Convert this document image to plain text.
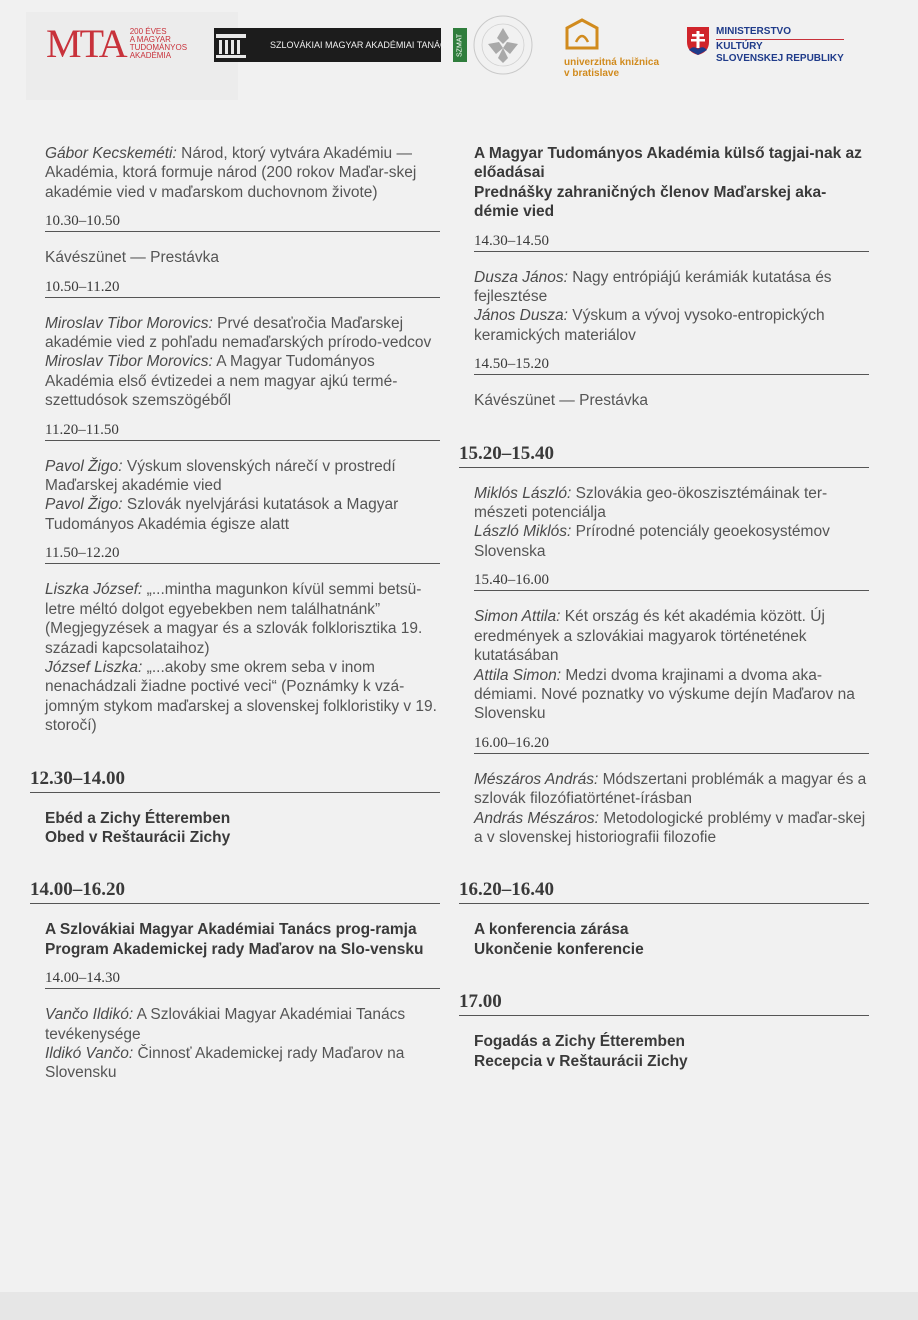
MTA 200 ÉVES
A MAGYAR
TUDOMÁNYOS
AKADÉMIA
SZLOVÁKIAI MAGYAR AKADÉMIAI TANÁCS SZMAT
univerzitná knižnica
v bratislave
MINISTERSTVO
KULTÚRY
SLOVENSKEJ REPUBLIKY

Gábor Kecskeméti: Národ, ktorý vytvára Akadémiu — Akadémia, ktorá formuje národ (200 rokov Maďar-skej akadémie vied v maďarskom duchovnom živote)

10.30–10.50

Kávészünet — Prestávka

10.50–11.20

Miroslav Tibor Morovics: Prvé desaťročia Maďarskej akadémie vied z pohľadu nemaďarských prírodo-vedcov

Miroslav Tibor Morovics: A Magyar Tudományos Akadémia első évtizedei a nem magyar ajkú termé-szettudósok szemszögéből

11.20–11.50

Pavol Žigo: Výskum slovenských nárečí v prostredí Maďarskej akadémie vied

Pavol Žigo: Szlovák nyelvjárási kutatások a Magyar Tudományos Akadémia égisze alatt

11.50–12.20

Liszka József: „...mintha magunkon kívül semmi betsü-letre méltó dolgot egyebekben nem találhatnánk” (Megjegyzések a magyar és a szlovák folklorisztika 19. századi kapcsolataihoz)

József Liszka: „...akoby sme okrem seba v inom nenachádzali žiadne poctivé veci“ (Poznámky k vzá-jomným stykom maďarskej a slovenskej folkloristiky v 19. storočí)

12.30–14.00

Ebéd a Zichy Étteremben

Obed v Reštaurácii Zichy

14.00–16.20

A Szlovákiai Magyar Akadémiai Tanács prog-ramja

Program Akademickej rady Maďarov na Slo-vensku

14.00–14.30

Vančo Ildikó: A Szlovákiai Magyar Akadémiai Tanács tevékenysége

Ildikó Vančo: Činnosť Akademickej rady Maďarov na Slovensku

A Magyar Tudományos Akadémia külső tagjai-nak az előadásai

Prednášky zahraničných členov Maďarskej aka-démie vied

14.30–14.50

Dusza János: Nagy entrópiájú kerámiák kutatása és fejlesztése

János Dusza: Výskum a vývoj vysoko-entropických keramických materiálov

14.50–15.20

Kávészünet — Prestávka

15.20–15.40

Miklós László: Szlovákia geo-ökoszisztémáinak ter-mészeti potenciálja

László Miklós: Prírodné potenciály geoekosystémov Slovenska

15.40–16.00

Simon Attila: Két ország és két akadémia között. Új eredmények a szlovákiai magyarok történetének kutatásában

Attila Simon: Medzi dvoma krajinami a dvoma aka-démiami. Nové poznatky vo výskume dejín Maďarov na Slovensku

16.00–16.20

Mészáros András: Módszertani problémák a magyar és a szlovák filozófiatörténet-írásban

András Mészáros: Metodologické problémy v maďar-skej a v slovenskej historiografii filozofie

16.20–16.40

A konferencia zárása

Ukončenie konferencie

17.00

Fogadás a Zichy Étteremben

Recepcia v Reštaurácii Zichy
